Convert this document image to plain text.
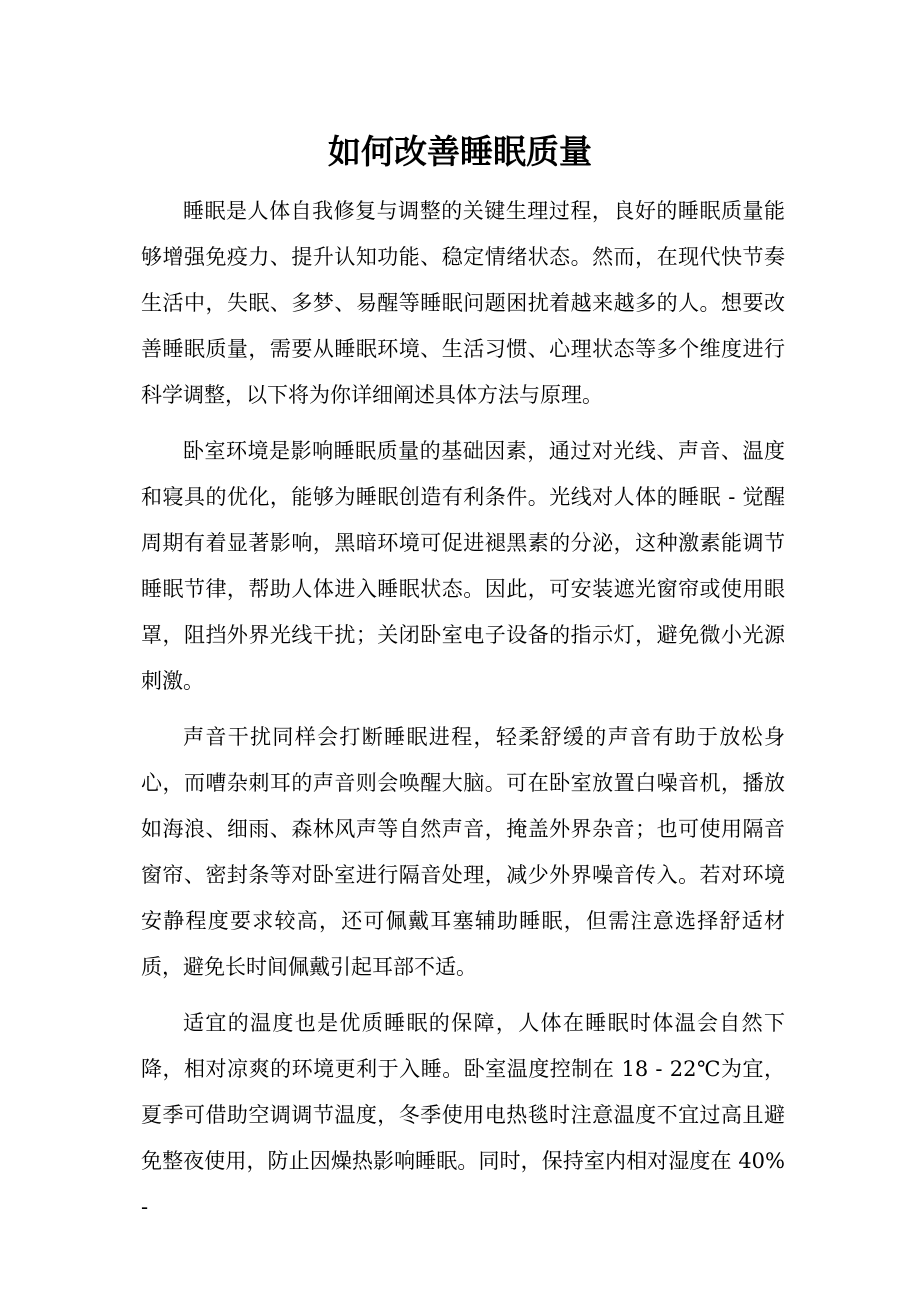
如何改善睡眠质量

睡眠是人体自我修复与调整的关键生理过程，良好的睡眠质量能够增强免疫力、提升认知功能、稳定情绪状态。然而，在现代快节奏生活中，失眠、多梦、易醒等睡眠问题困扰着越来越多的人。想要改善睡眠质量，需要从睡眠环境、生活习惯、心理状态等多个维度进行科学调整，以下将为你详细阐述具体方法与原理。

卧室环境是影响睡眠质量的基础因素，通过对光线、声音、温度和寝具的优化，能够为睡眠创造有利条件。光线对人体的睡眠 - 觉醒周期有着显著影响，黑暗环境可促进褪黑素的分泌，这种激素能调节睡眠节律，帮助人体进入睡眠状态。因此，可安装遮光窗帘或使用眼罩，阻挡外界光线干扰；关闭卧室电子设备的指示灯，避免微小光源刺激。

声音干扰同样会打断睡眠进程，轻柔舒缓的声音有助于放松身心，而嘈杂刺耳的声音则会唤醒大脑。可在卧室放置白噪音机，播放如海浪、细雨、森林风声等自然声音，掩盖外界杂音；也可使用隔音窗帘、密封条等对卧室进行隔音处理，减少外界噪音传入。若对环境安静程度要求较高，还可佩戴耳塞辅助睡眠，但需注意选择舒适材质，避免长时间佩戴引起耳部不适。

适宜的温度也是优质睡眠的保障，人体在睡眠时体温会自然下降，相对凉爽的环境更利于入睡。卧室温度控制在 18 - 22℃为宜，夏季可借助空调调节温度，冬季使用电热毯时注意温度不宜过高且避免整夜使用，防止因燥热影响睡眠。同时，保持室内相对湿度在 40% -
